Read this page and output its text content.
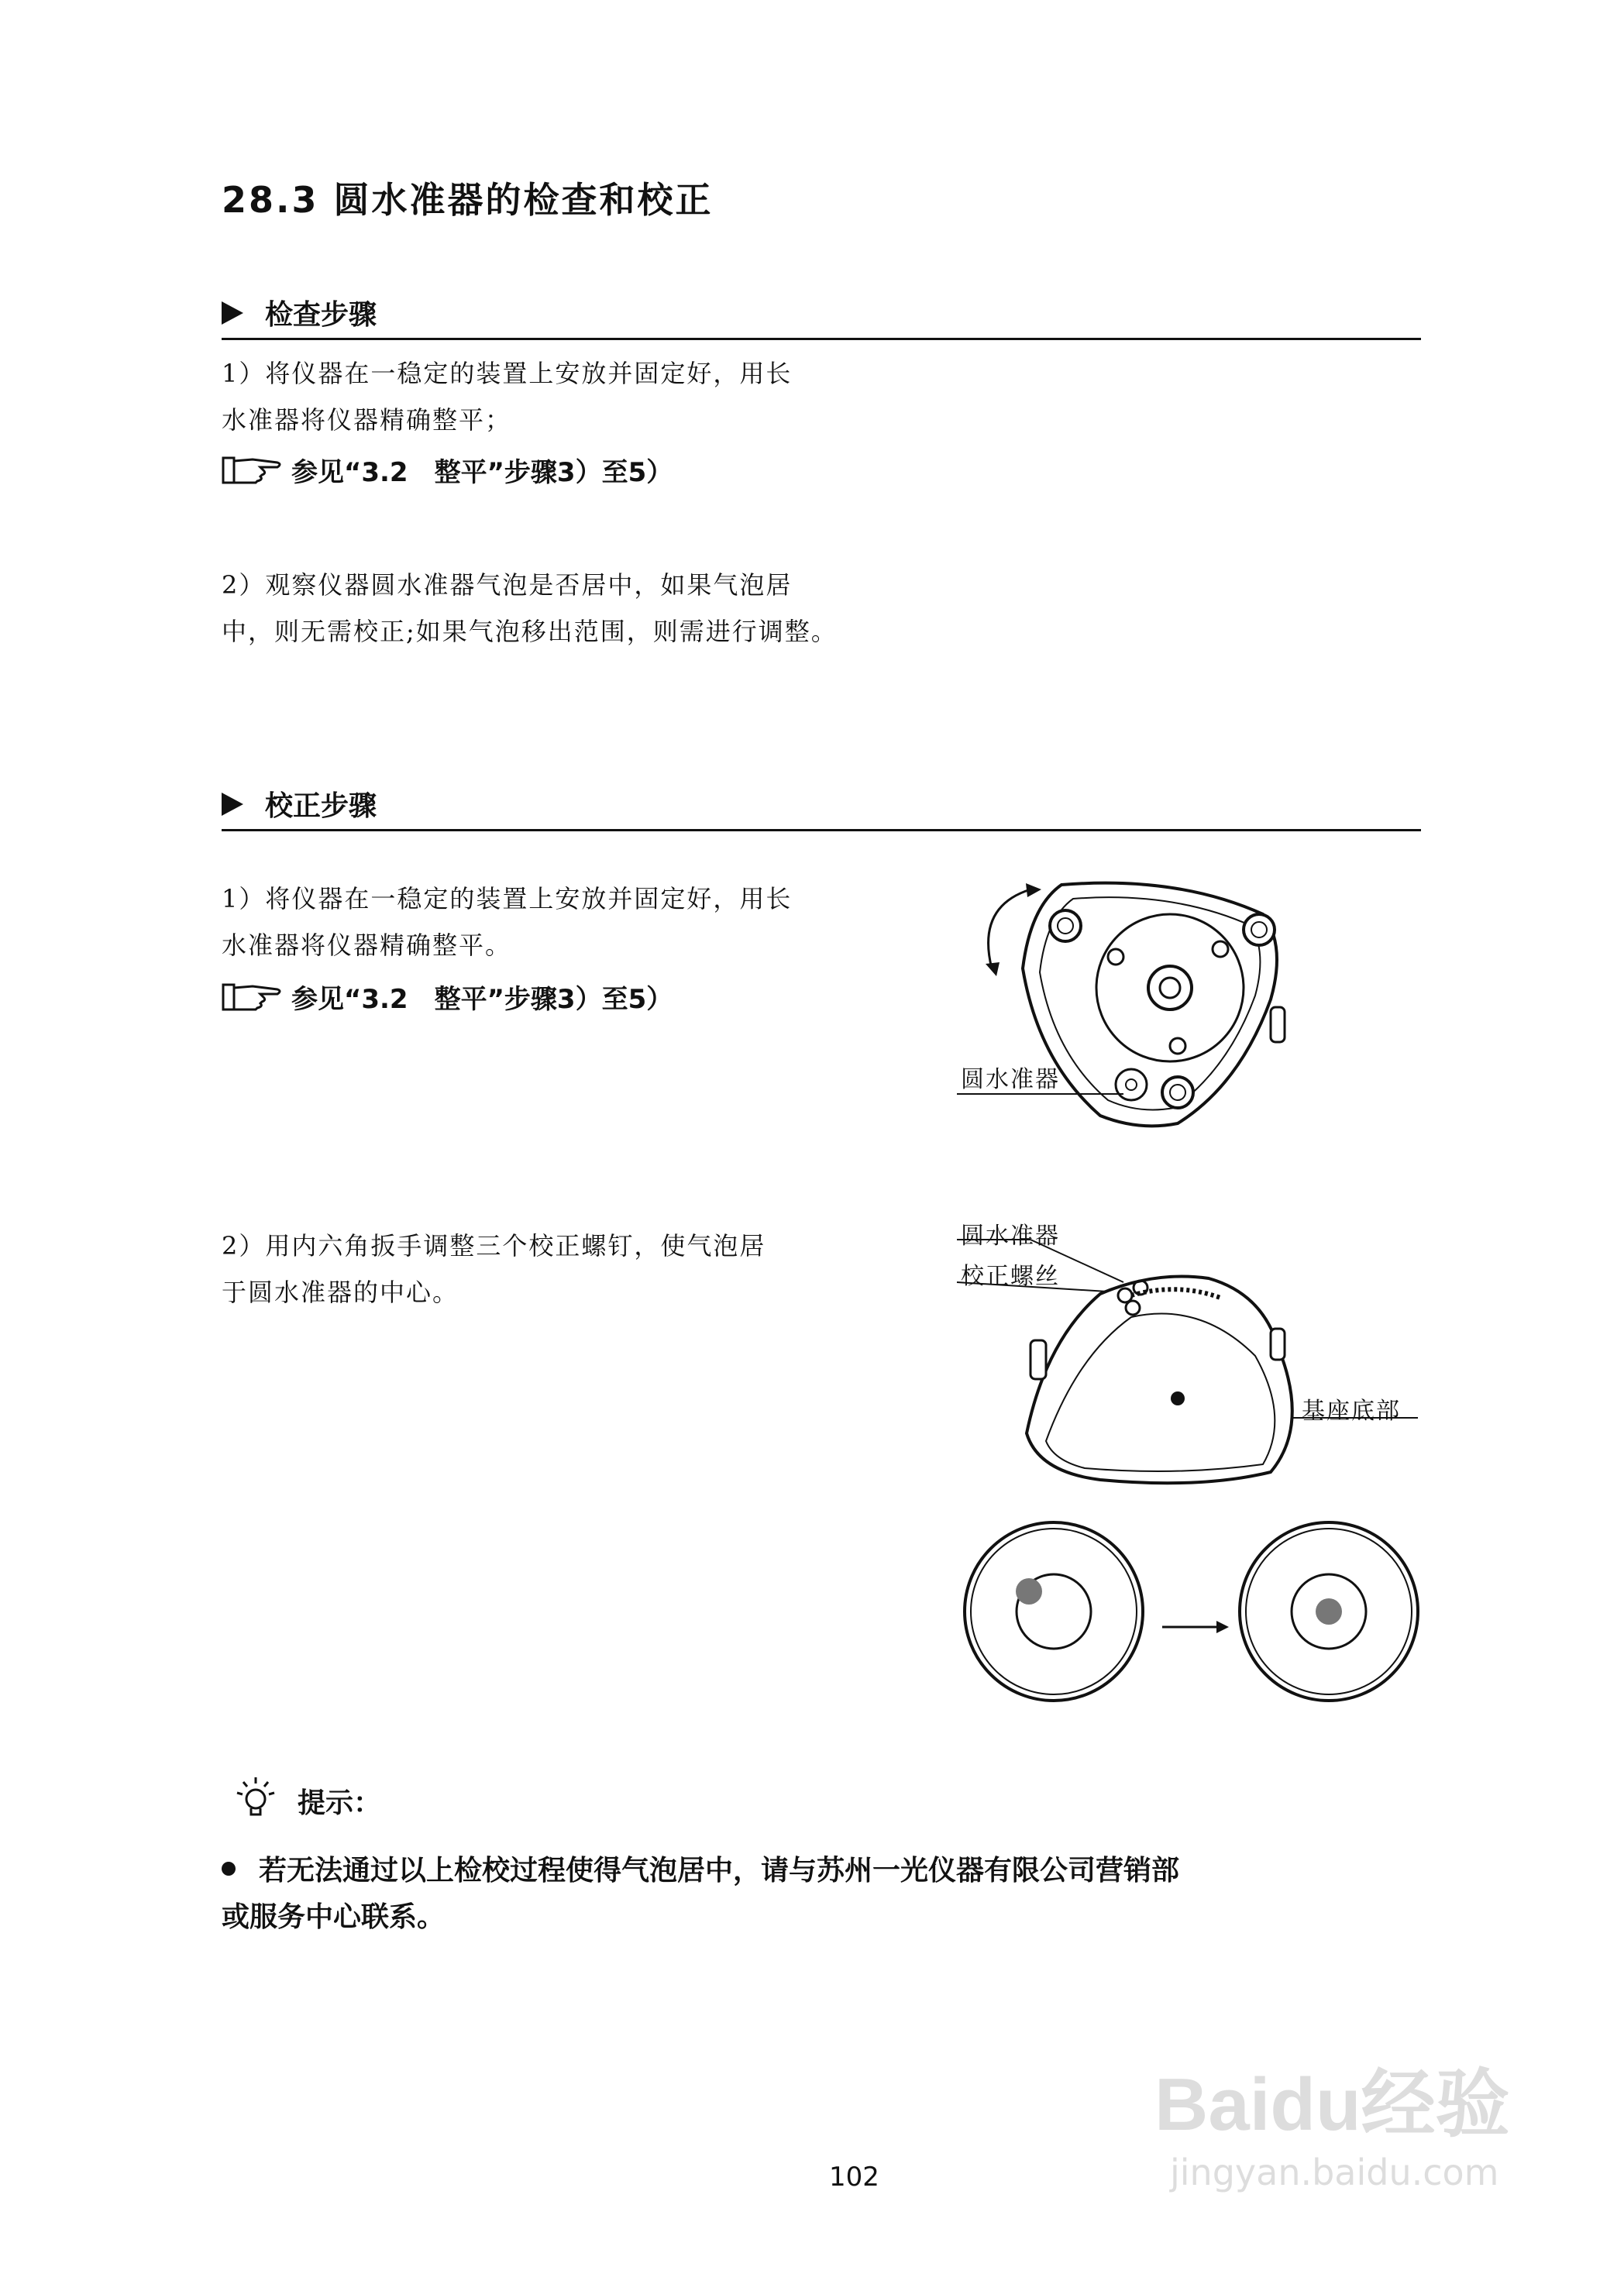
28.3 圆水准器的检查和校正
检查步骤
1）将仪器在一稳定的装置上安放并固定好，用长
水准器将仪器精确整平；
参见“3.2　整平”步骤3）至5）
2）观察仪器圆水准器气泡是否居中，如果气泡居
中，则无需校正;如果气泡移出范围，则需进行调整。
校正步骤
1）将仪器在一稳定的装置上安放并固定好，用长
水准器将仪器精确整平。
参见“3.2　整平”步骤3）至5）
2）用内六角扳手调整三个校正螺钉，使气泡居
于圆水准器的中心。
圆水准器
圆水准器
校正螺丝
基座底部
提示：
若无法通过以上检校过程使得气泡居中，请与苏州一光仪器有限公司营销部
或服务中心联系。
102
Baidu经验
jingyan.baidu.com
